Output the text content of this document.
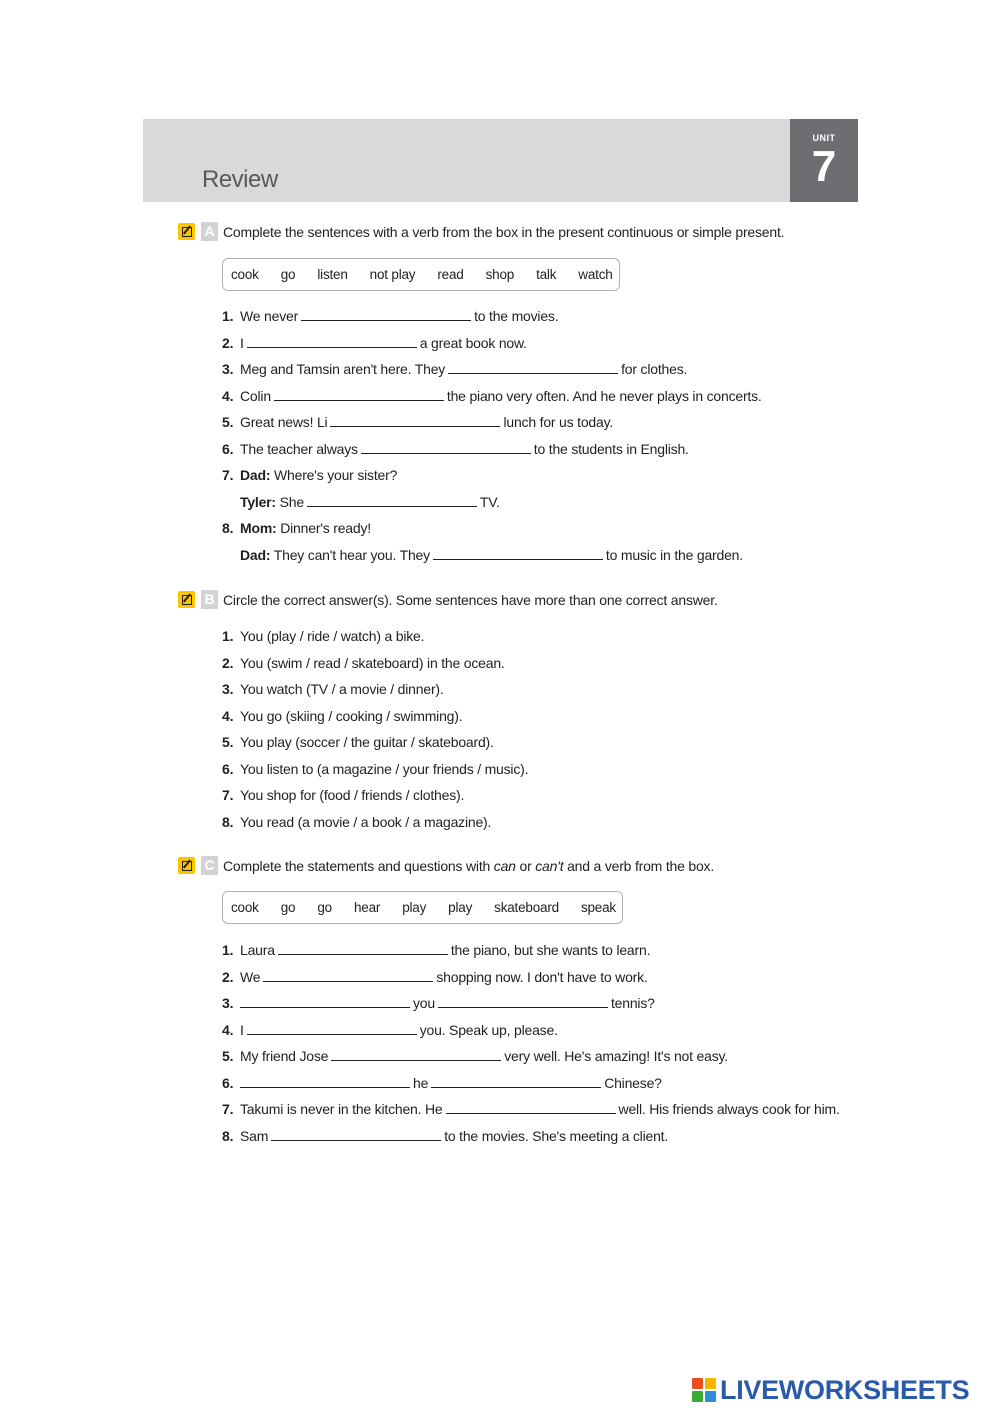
Review
UNIT
7
A Complete the sentences with a verb from the box in the present continuous or simple present.
cook go listen not play read shop talk watch
1. We never	to the movies.
2. I	a great book now.
3. Meg and Tamsin aren't here. They	for clothes.
4. Colin	the piano very often. And he never plays in concerts.
5. Great news! Li	lunch for us today.
6. The teacher always	to the students in English.
7. Dad: Where's your sister?
Tyler: She	TV.
8. Mom: Dinner's ready!
Dad: They can't hear you. They	to music in the garden.
B Circle the correct answer(s). Some sentences have more than one correct answer.
1. You (play / ride / watch) a bike.
2. You (swim / read / skateboard) in the ocean.
3. You watch (TV / a movie / dinner).
4. You go (skiing / cooking / swimming).
5. You play (soccer / the guitar / skateboard).
6. You listen to (a magazine / your friends / music).
7. You shop for (food / friends / clothes).
8. You read (a movie / a book / a magazine).
C Complete the statements and questions with can or can't and a verb from the box.
cook go go hear play play skateboard speak
1. Laura	the piano, but she wants to learn.
2. We	shopping now. I don't have to work.
3.	you	tennis?
4. I	you. Speak up, please.
5. My friend Jose	very well. He's amazing! It's not easy.
6.	he	Chinese?
7. Takumi is never in the kitchen. He	well. His friends always cook for him.
8. Sam	to the movies. She's meeting a client.
LIVEWORKSHEETS
